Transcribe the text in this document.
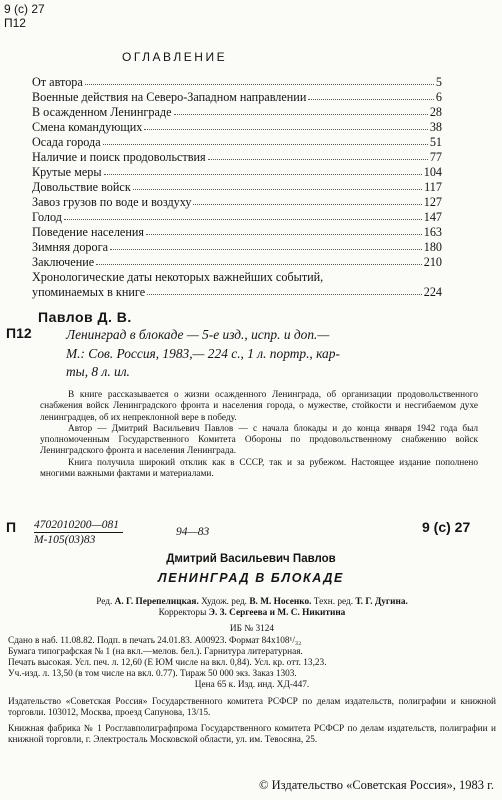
9 (с) 27
П12
ОГЛАВЛЕНИЕ
От автора	5
Военные действия на Северо-Западном направлении	6
В осажденном Ленинграде	28
Смена командующих	38
Осада города	51
Наличие и поиск продовольствия	77
Крутые меры	104
Довольствие войск	117
Завоз грузов по воде и воздуху	127
Голод	147
Поведение населения	163
Зимняя дорога	180
Заключение	210
Хронологические даты некоторых важнейших событий,
упоминаемых в книге	224
Павлов Д. В.
П12	Ленинград в блокаде — 5-е изд., испр. и доп.—
М.: Сов. Россия, 1983,— 224 с., 1 л. портр., кар-
ты, 8 л. ил.

В книге рассказывается о жизни осажденного Ленинграда, об организации продовольственного снабжения войск Ленинградского фронта и населения города, о мужестве, стойкости и несгибаемом духе ленинградцев, об их непреклонной вере в победу.

Автор — Дмитрий Васильевич Павлов — с начала блокады и до конца января 1942 года был уполномоченным Государственного Комитета Обороны по продовольственному снабжению войск Ленинградского фронта и населения Ленинграда.

Книга получила широкий отклик как в СССР, так и за рубежом. Настоящее издание пополнено многими важными фактами и материалами.

П 4702010200—081
М-105(03)83
94—83	9 (с) 27
Дмитрий Васильевич Павлов
ЛЕНИНГРАД В БЛОКАДЕ
Ред. А. Г. Перепелицкая. Худож. ред. В. М. Носенко. Техн. ред. Т. Г. Дугина.
Корректоры Э. З. Сергеева и М. С. Никитина
ИБ № 3124
Сдано в наб. 11.08.82. Подп. в печать 24.01.83. А00923. Формат 84х108¹/₃₂
Бумага типографская № 1 (на вкл.—мелов. бел.). Гарнитура литературная.
Печать высокая. Усл. печ. л. 12,60 (Е ЮМ числе на вкл. 0,84). Усл. кр. отт. 13,23.
Уч.-изд. л. 13,50 (в том числе на вкл. 0.77). Тираж 50 000 экз. Заказ 1303.
Цена 65 к. Изд. инд. ХД-447.
Издательство «Советская Россия» Государственного комитета РСФСР по делам издательств, полиграфии и книжной торговли. 103012, Москва, проезд Сапунова, 13/15.
Книжная фабрика № 1 Росглавполиграфпрома Государственного комитета РСФСР по делам издательств, полиграфии и книжной торговли, г. Электросталь Московской области, ул. им. Тевосяна, 25.
© Издательство «Советская Россия», 1983 г.
